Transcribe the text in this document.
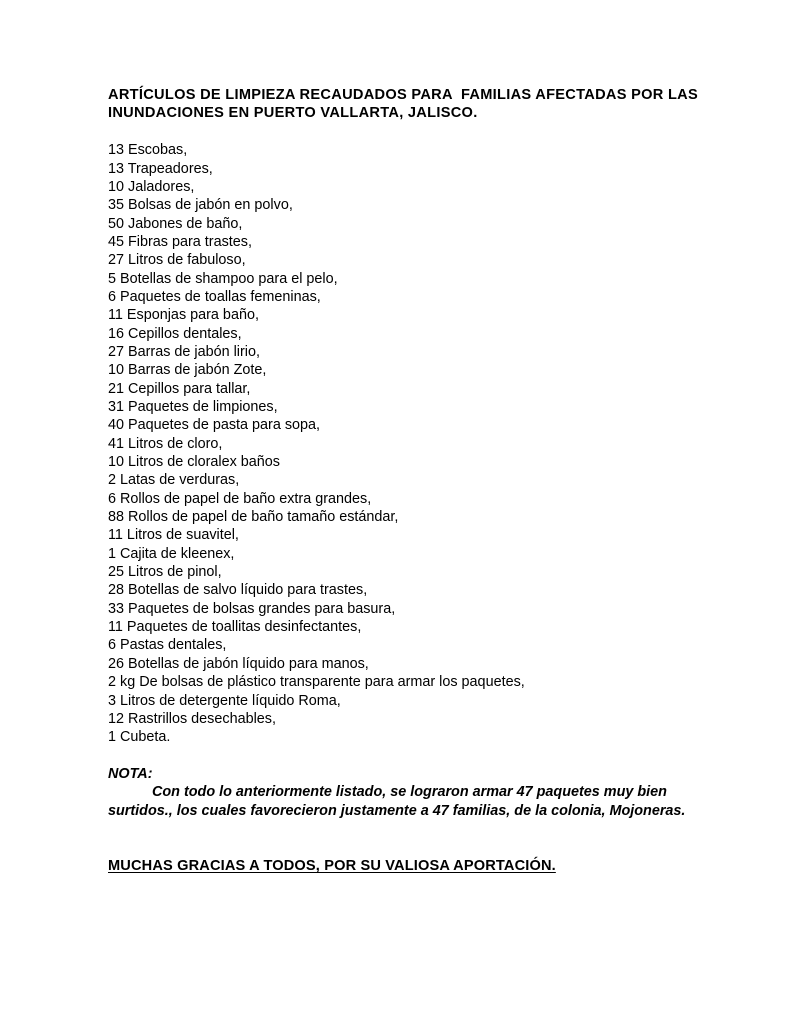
ARTÍCULOS DE LIMPIEZA RECAUDADOS PARA  FAMILIAS AFECTADAS POR LAS INUNDACIONES EN PUERTO VALLARTA, JALISCO.

13 Escobas,
13 Trapeadores,
10 Jaladores,
35 Bolsas de jabón en polvo,
50 Jabones de baño,
45 Fibras para trastes,
27 Litros de fabuloso,
5 Botellas de shampoo para el pelo,
6 Paquetes de toallas femeninas,
11 Esponjas para baño,
16 Cepillos dentales,
27 Barras de jabón lirio,
10 Barras de jabón Zote,
21 Cepillos para tallar,
31 Paquetes de limpiones,
40 Paquetes de pasta para sopa,
41 Litros de cloro,
10 Litros de cloralex baños
2 Latas de verduras,
6 Rollos de papel de baño extra grandes,
88 Rollos de papel de baño tamaño estándar,
11 Litros de suavitel,
1 Cajita de kleenex,
25 Litros de pinol,
28 Botellas de salvo líquido para trastes,
33 Paquetes de bolsas grandes para basura,
11 Paquetes de toallitas desinfectantes,
6 Pastas dentales,
26 Botellas de jabón líquido para manos,
2 kg De bolsas de plástico transparente para armar los paquetes,
3 Litros de detergente líquido Roma,
12 Rastrillos desechables,
1 Cubeta.

NOTA:

Con todo lo anteriormente listado, se lograron armar 47 paquetes muy bien surtidos., los cuales favorecieron justamente a 47 familias, de la colonia, Mojoneras.

MUCHAS GRACIAS A TODOS, POR SU VALIOSA APORTACIÓN.
